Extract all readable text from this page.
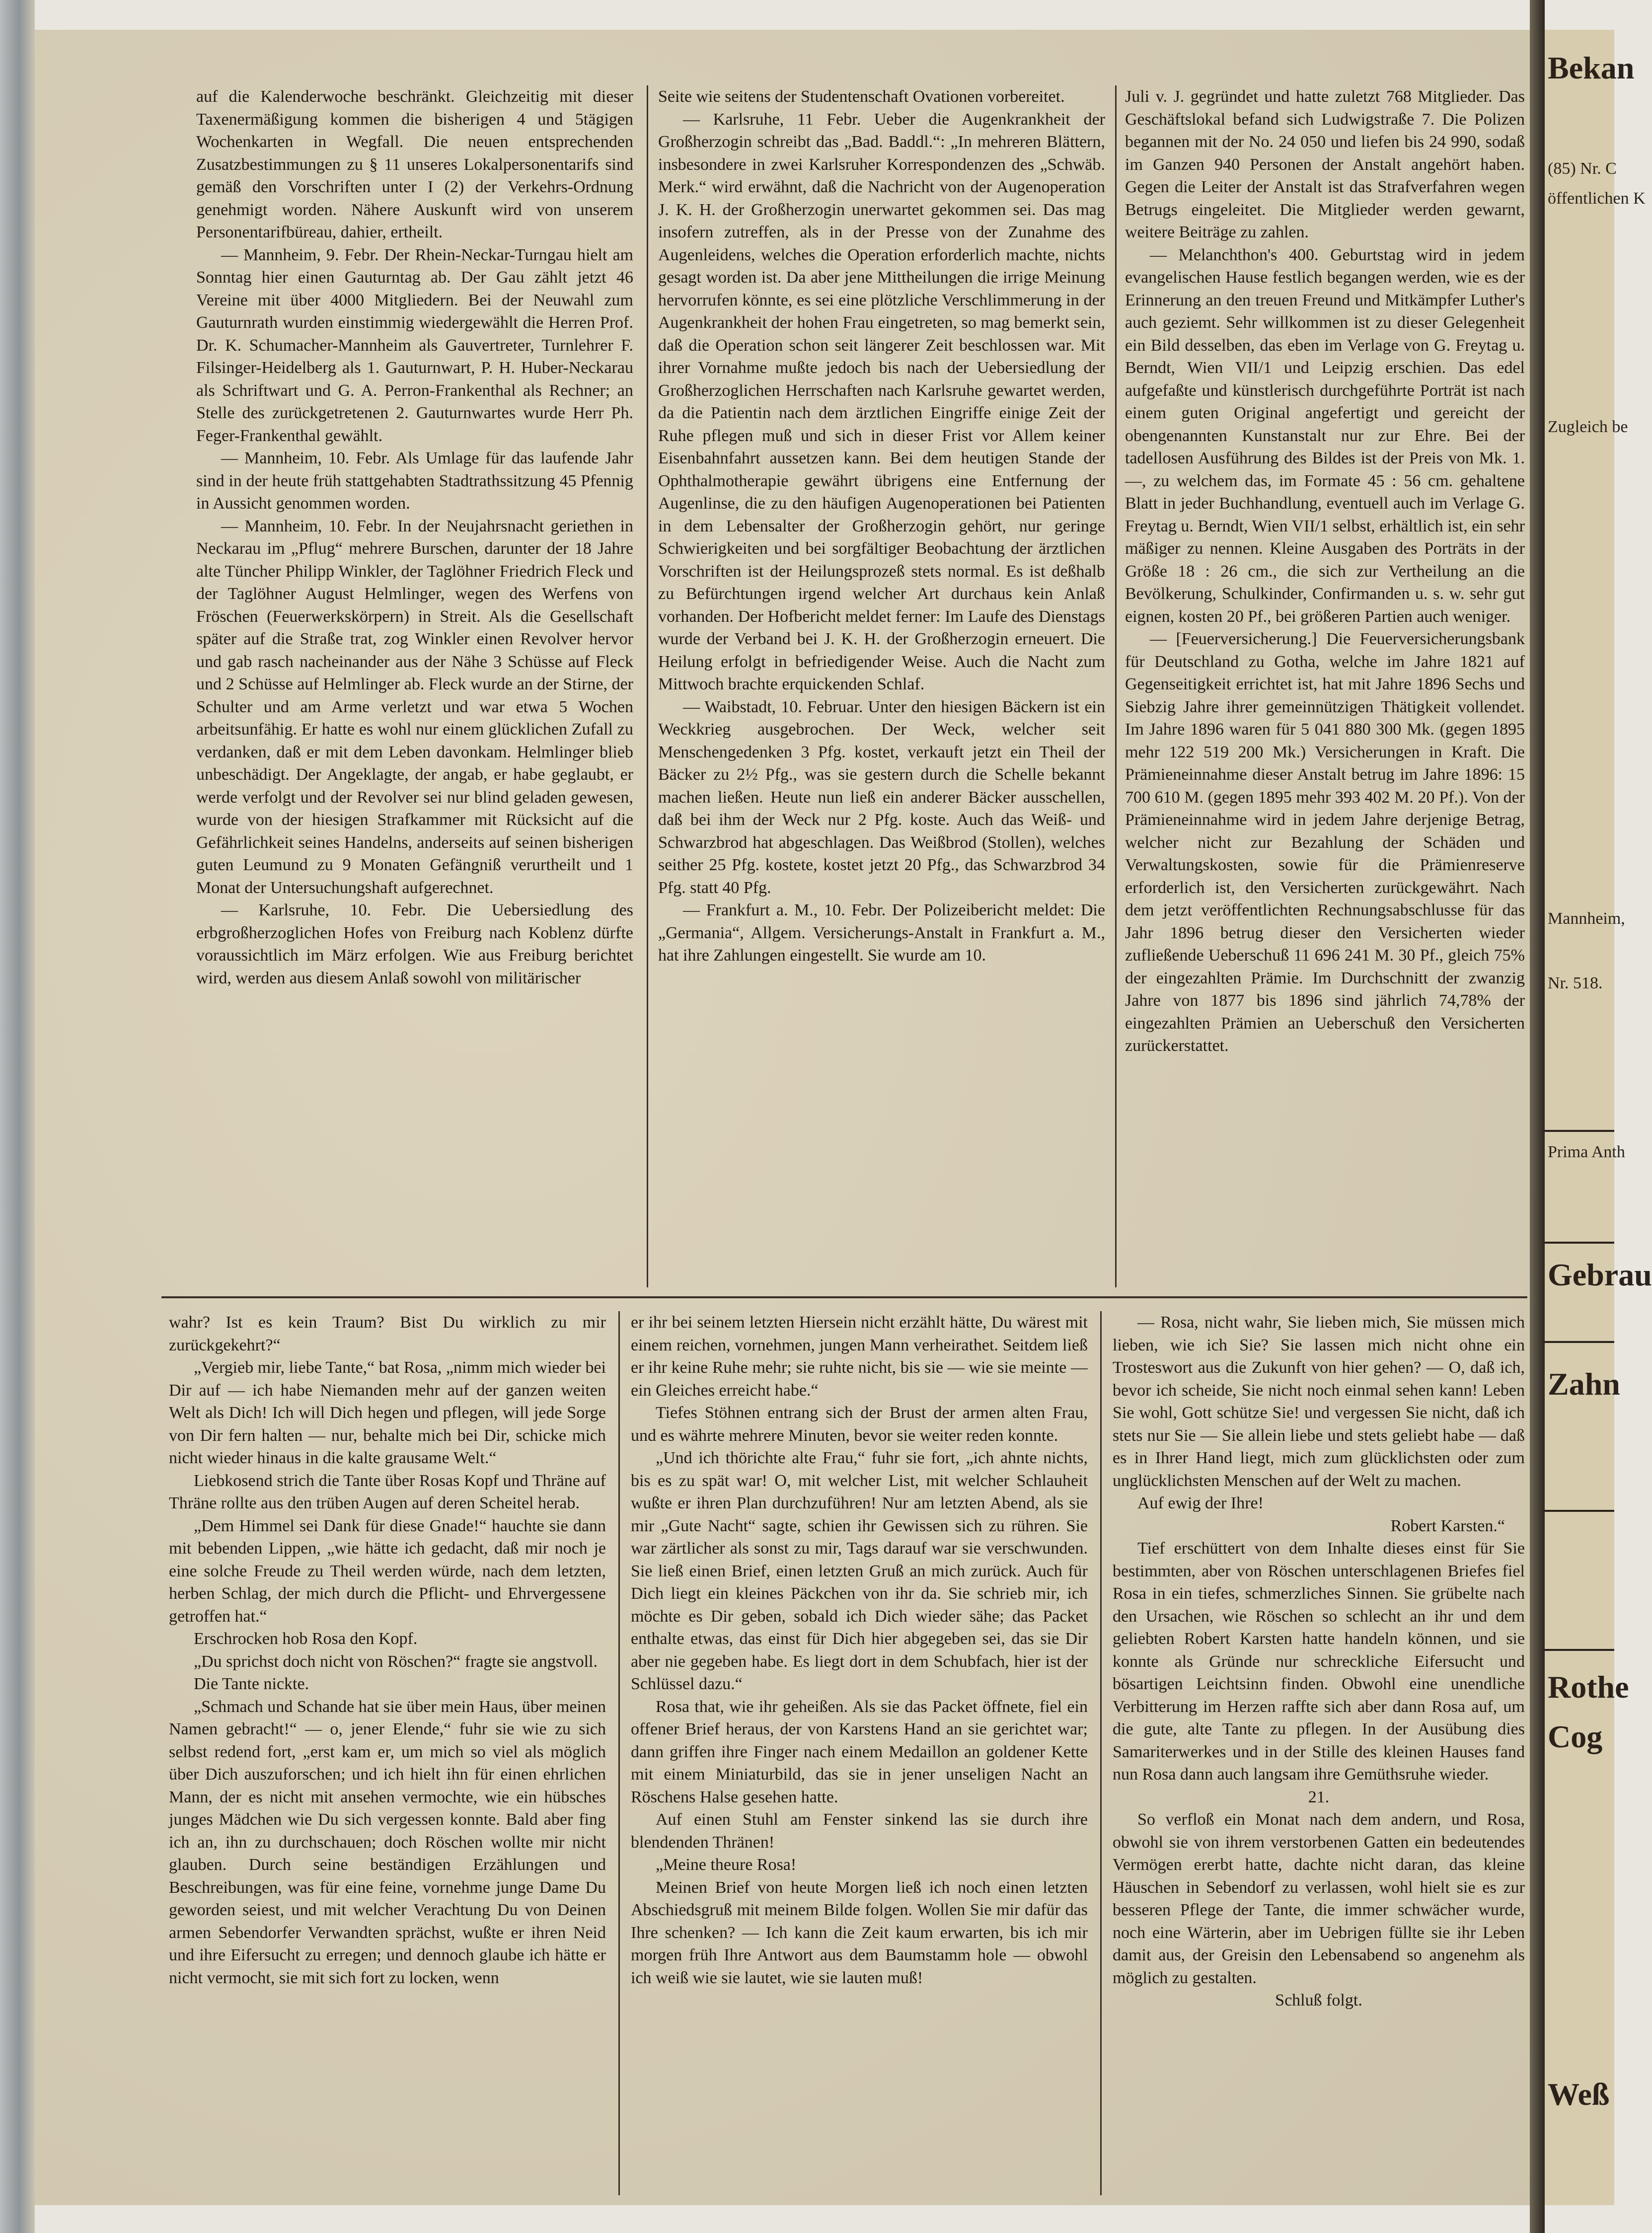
auf die Kalenderwoche beschränkt. Gleichzeitig mit dieser Taxenermäßigung kommen die bisherigen 4 und 5tägigen Wochenkarten in Wegfall. Die neuen entsprechenden Zusatzbestimmungen zu § 11 unseres Lokalpersonentarifs sind gemäß den Vorschriften unter I (2) der Verkehrs-Ordnung genehmigt worden. Nähere Auskunft wird von unserem Personentarifbüreau, dahier, ertheilt.

— Mannheim, 9. Febr. Der Rhein-Neckar-Turngau hielt am Sonntag hier einen Gauturntag ab. Der Gau zählt jetzt 46 Vereine mit über 4000 Mitgliedern. Bei der Neuwahl zum Gauturnrath wurden einstimmig wiedergewählt die Herren Prof. Dr. K. Schumacher-Mannheim als Gauvertreter, Turnlehrer F. Filsinger-Heidelberg als 1. Gauturnwart, P. H. Huber-Neckarau als Schriftwart und G. A. Perron-Frankenthal als Rechner; an Stelle des zurückgetretenen 2. Gauturnwartes wurde Herr Ph. Feger-Frankenthal gewählt.

— Mannheim, 10. Febr. Als Umlage für das laufende Jahr sind in der heute früh stattgehabten Stadtrathssitzung 45 Pfennig in Aussicht genommen worden.

— Mannheim, 10. Febr. In der Neujahrsnacht geriethen in Neckarau im „Pflug“ mehrere Burschen, darunter der 18 Jahre alte Tüncher Philipp Winkler, der Taglöhner Friedrich Fleck und der Taglöhner August Helmlinger, wegen des Werfens von Fröschen (Feuerwerkskörpern) in Streit. Als die Gesellschaft später auf die Straße trat, zog Winkler einen Revolver hervor und gab rasch nacheinander aus der Nähe 3 Schüsse auf Fleck und 2 Schüsse auf Helmlinger ab. Fleck wurde an der Stirne, der Schulter und am Arme verletzt und war etwa 5 Wochen arbeitsunfähig. Er hatte es wohl nur einem glücklichen Zufall zu verdanken, daß er mit dem Leben davonkam. Helmlinger blieb unbeschädigt. Der Angeklagte, der angab, er habe geglaubt, er werde verfolgt und der Revolver sei nur blind geladen gewesen, wurde von der hiesigen Strafkammer mit Rücksicht auf die Gefährlichkeit seines Handelns, anderseits auf seinen bisherigen guten Leumund zu 9 Monaten Gefängniß verurtheilt und 1 Monat der Untersuchungshaft aufgerechnet.

— Karlsruhe, 10. Febr. Die Uebersiedlung des erbgroßherzoglichen Hofes von Freiburg nach Koblenz dürfte voraussichtlich im März erfolgen. Wie aus Freiburg berichtet wird, werden aus diesem Anlaß sowohl von militärischer

Seite wie seitens der Studentenschaft Ovationen vorbereitet.

— Karlsruhe, 11 Febr. Ueber die Augenkrankheit der Großherzogin schreibt das „Bad. Baddl.“: „In mehreren Blättern, insbesondere in zwei Karlsruher Korrespondenzen des „Schwäb. Merk.“ wird erwähnt, daß die Nachricht von der Augenoperation J. K. H. der Großherzogin unerwartet gekommen sei. Das mag insofern zutreffen, als in der Presse von der Zunahme des Augenleidens, welches die Operation erforderlich machte, nichts gesagt worden ist. Da aber jene Mittheilungen die irrige Meinung hervorrufen könnte, es sei eine plötzliche Verschlimmerung in der Augenkrankheit der hohen Frau eingetreten, so mag bemerkt sein, daß die Operation schon seit längerer Zeit beschlossen war. Mit ihrer Vornahme mußte jedoch bis nach der Uebersiedlung der Großherzoglichen Herrschaften nach Karlsruhe gewartet werden, da die Patientin nach dem ärztlichen Eingriffe einige Zeit der Ruhe pflegen muß und sich in dieser Frist vor Allem keiner Eisenbahnfahrt aussetzen kann. Bei dem heutigen Stande der Ophthalmotherapie gewährt übrigens eine Entfernung der Augenlinse, die zu den häufigen Augenoperationen bei Patienten in dem Lebensalter der Großherzogin gehört, nur geringe Schwierigkeiten und bei sorgfältiger Beobachtung der ärztlichen Vorschriften ist der Heilungsprozeß stets normal. Es ist deßhalb zu Befürchtungen irgend welcher Art durchaus kein Anlaß vorhanden. Der Hofbericht meldet ferner: Im Laufe des Dienstags wurde der Verband bei J. K. H. der Großherzogin erneuert. Die Heilung erfolgt in befriedigender Weise. Auch die Nacht zum Mittwoch brachte erquickenden Schlaf.

— Waibstadt, 10. Februar. Unter den hiesigen Bäckern ist ein Weckkrieg ausgebrochen. Der Weck, welcher seit Menschengedenken 3 Pfg. kostet, verkauft jetzt ein Theil der Bäcker zu 2½ Pfg., was sie gestern durch die Schelle bekannt machen ließen. Heute nun ließ ein anderer Bäcker ausschellen, daß bei ihm der Weck nur 2 Pfg. koste. Auch das Weiß- und Schwarzbrod hat abgeschlagen. Das Weißbrod (Stollen), welches seither 25 Pfg. kostete, kostet jetzt 20 Pfg., das Schwarzbrod 34 Pfg. statt 40 Pfg.

— Frankfurt a. M., 10. Febr. Der Polizeibericht meldet: Die „Germania“, Allgem. Versicherungs-Anstalt in Frankfurt a. M., hat ihre Zahlungen eingestellt. Sie wurde am 10.

Juli v. J. gegründet und hatte zuletzt 768 Mitglieder. Das Geschäftslokal befand sich Ludwigstraße 7. Die Polizen begannen mit der No. 24 050 und liefen bis 24 990, sodaß im Ganzen 940 Personen der Anstalt angehört haben. Gegen die Leiter der Anstalt ist das Strafverfahren wegen Betrugs eingeleitet. Die Mitglieder werden gewarnt, weitere Beiträge zu zahlen.

— Melanchthon's 400. Geburtstag wird in jedem evangelischen Hause festlich begangen werden, wie es der Erinnerung an den treuen Freund und Mitkämpfer Luther's auch geziemt. Sehr willkommen ist zu dieser Gelegenheit ein Bild desselben, das eben im Verlage von G. Freytag u. Berndt, Wien VII/1 und Leipzig erschien. Das edel aufgefaßte und künstlerisch durchgeführte Porträt ist nach einem guten Original angefertigt und gereicht der obengenannten Kunstanstalt nur zur Ehre. Bei der tadellosen Ausführung des Bildes ist der Preis von Mk. 1.—, zu welchem das, im Formate 45 : 56 cm. gehaltene Blatt in jeder Buchhandlung, eventuell auch im Verlage G. Freytag u. Berndt, Wien VII/1 selbst, erhältlich ist, ein sehr mäßiger zu nennen. Kleine Ausgaben des Porträts in der Größe 18 : 26 cm., die sich zur Vertheilung an die Bevölkerung, Schulkinder, Confirmanden u. s. w. sehr gut eignen, kosten 20 Pf., bei größeren Partien auch weniger.

— [Feuerversicherung.] Die Feuerversicherungsbank für Deutschland zu Gotha, welche im Jahre 1821 auf Gegenseitigkeit errichtet ist, hat mit Jahre 1896 Sechs und Siebzig Jahre ihrer gemeinnützigen Thätigkeit vollendet. Im Jahre 1896 waren für 5 041 880 300 Mk. (gegen 1895 mehr 122 519 200 Mk.) Versicherungen in Kraft. Die Prämieneinnahme dieser Anstalt betrug im Jahre 1896: 15 700 610 M. (gegen 1895 mehr 393 402 M. 20 Pf.). Von der Prämieneinnahme wird in jedem Jahre derjenige Betrag, welcher nicht zur Bezahlung der Schäden und Verwaltungskosten, sowie für die Prämienreserve erforderlich ist, den Versicherten zurückgewährt. Nach dem jetzt veröffentlichten Rechnungsabschlusse für das Jahr 1896 betrug dieser den Versicherten wieder zufließende Ueberschuß 11 696 241 M. 30 Pf., gleich 75% der eingezahlten Prämie. Im Durchschnitt der zwanzig Jahre von 1877 bis 1896 sind jährlich 74,78% der eingezahlten Prämien an Ueberschuß den Versicherten zurückerstattet.

wahr? Ist es kein Traum? Bist Du wirklich zu mir zurückgekehrt?“

„Vergieb mir, liebe Tante,“ bat Rosa, „nimm mich wieder bei Dir auf — ich habe Niemanden mehr auf der ganzen weiten Welt als Dich! Ich will Dich hegen und pflegen, will jede Sorge von Dir fern halten — nur, behalte mich bei Dir, schicke mich nicht wieder hinaus in die kalte grausame Welt.“

Liebkosend strich die Tante über Rosas Kopf und Thräne auf Thräne rollte aus den trüben Augen auf deren Scheitel herab.

„Dem Himmel sei Dank für diese Gnade!“ hauchte sie dann mit bebenden Lippen, „wie hätte ich gedacht, daß mir noch je eine solche Freude zu Theil werden würde, nach dem letzten, herben Schlag, der mich durch die Pflicht- und Ehrvergessene getroffen hat.“

Erschrocken hob Rosa den Kopf.

„Du sprichst doch nicht von Röschen?“ fragte sie angstvoll.

Die Tante nickte.

„Schmach und Schande hat sie über mein Haus, über meinen Namen gebracht!“ — o, jener Elende,“ fuhr sie wie zu sich selbst redend fort, „erst kam er, um mich so viel als möglich über Dich auszuforschen; und ich hielt ihn für einen ehrlichen Mann, der es nicht mit ansehen vermochte, wie ein hübsches junges Mädchen wie Du sich vergessen konnte. Bald aber fing ich an, ihn zu durchschauen; doch Röschen wollte mir nicht glauben. Durch seine beständigen Erzählungen und Beschreibungen, was für eine feine, vornehme junge Dame Du geworden seiest, und mit welcher Verachtung Du von Deinen armen Sebendorfer Verwandten sprächst, wußte er ihren Neid und ihre Eifersucht zu erregen; und dennoch glaube ich hätte er nicht vermocht, sie mit sich fort zu locken, wenn

er ihr bei seinem letzten Hiersein nicht erzählt hätte, Du wärest mit einem reichen, vornehmen, jungen Mann verheirathet. Seitdem ließ er ihr keine Ruhe mehr; sie ruhte nicht, bis sie — wie sie meinte — ein Gleiches erreicht habe.“

Tiefes Stöhnen entrang sich der Brust der armen alten Frau, und es währte mehrere Minuten, bevor sie weiter reden konnte.

„Und ich thörichte alte Frau,“ fuhr sie fort, „ich ahnte nichts, bis es zu spät war! O, mit welcher List, mit welcher Schlauheit wußte er ihren Plan durchzuführen! Nur am letzten Abend, als sie mir „Gute Nacht“ sagte, schien ihr Gewissen sich zu rühren. Sie war zärtlicher als sonst zu mir, Tags darauf war sie verschwunden. Sie ließ einen Brief, einen letzten Gruß an mich zurück. Auch für Dich liegt ein kleines Päckchen von ihr da. Sie schrieb mir, ich möchte es Dir geben, sobald ich Dich wieder sähe; das Packet enthalte etwas, das einst für Dich hier abgegeben sei, das sie Dir aber nie gegeben habe. Es liegt dort in dem Schubfach, hier ist der Schlüssel dazu.“

Rosa that, wie ihr geheißen. Als sie das Packet öffnete, fiel ein offener Brief heraus, der von Karstens Hand an sie gerichtet war; dann griffen ihre Finger nach einem Medaillon an goldener Kette mit einem Miniaturbild, das sie in jener unseligen Nacht an Röschens Halse gesehen hatte.

Auf einen Stuhl am Fenster sinkend las sie durch ihre blendenden Thränen!

„Meine theure Rosa!

Meinen Brief von heute Morgen ließ ich noch einen letzten Abschiedsgruß mit meinem Bilde folgen. Wollen Sie mir dafür das Ihre schenken? — Ich kann die Zeit kaum erwarten, bis ich mir morgen früh Ihre Antwort aus dem Baumstamm hole — obwohl ich weiß wie sie lautet, wie sie lauten muß!

— Rosa, nicht wahr, Sie lieben mich, Sie müssen mich lieben, wie ich Sie? Sie lassen mich nicht ohne ein Trosteswort aus die Zukunft von hier gehen? — O, daß ich, bevor ich scheide, Sie nicht noch einmal sehen kann! Leben Sie wohl, Gott schütze Sie! und vergessen Sie nicht, daß ich stets nur Sie — Sie allein liebe und stets geliebt habe — daß es in Ihrer Hand liegt, mich zum glücklichsten oder zum unglücklichsten Menschen auf der Welt zu machen.

Auf ewig der Ihre!

Robert Karsten.“

Tief erschüttert von dem Inhalte dieses einst für Sie bestimmten, aber von Röschen unterschlagenen Briefes fiel Rosa in ein tiefes, schmerzliches Sinnen. Sie grübelte nach den Ursachen, wie Röschen so schlecht an ihr und dem geliebten Robert Karsten hatte handeln können, und sie konnte als Gründe nur schreckliche Eifersucht und bösartigen Leichtsinn finden. Obwohl eine unendliche Verbitterung im Herzen raffte sich aber dann Rosa auf, um die gute, alte Tante zu pflegen. In der Ausübung dies Samariterwerkes und in der Stille des kleinen Hauses fand nun Rosa dann auch langsam ihre Gemüthsruhe wieder.

21.

So verfloß ein Monat nach dem andern, und Rosa, obwohl sie von ihrem verstorbenen Gatten ein bedeutendes Vermögen ererbt hatte, dachte nicht daran, das kleine Häuschen in Sebendorf zu verlassen, wohl hielt sie es zur besseren Pflege der Tante, die immer schwächer wurde, noch eine Wärterin, aber im Uebrigen füllte sie ihr Leben damit aus, der Greisin den Lebensabend so angenehm als möglich zu gestalten.

Schluß folgt.

Bekan
(85) Nr. C
öffentlichen K
Zugleich be
Mannheim,
Nr. 518.
Prima Anth
Gebrau
Zahn
Rothe
Cog
Weß
